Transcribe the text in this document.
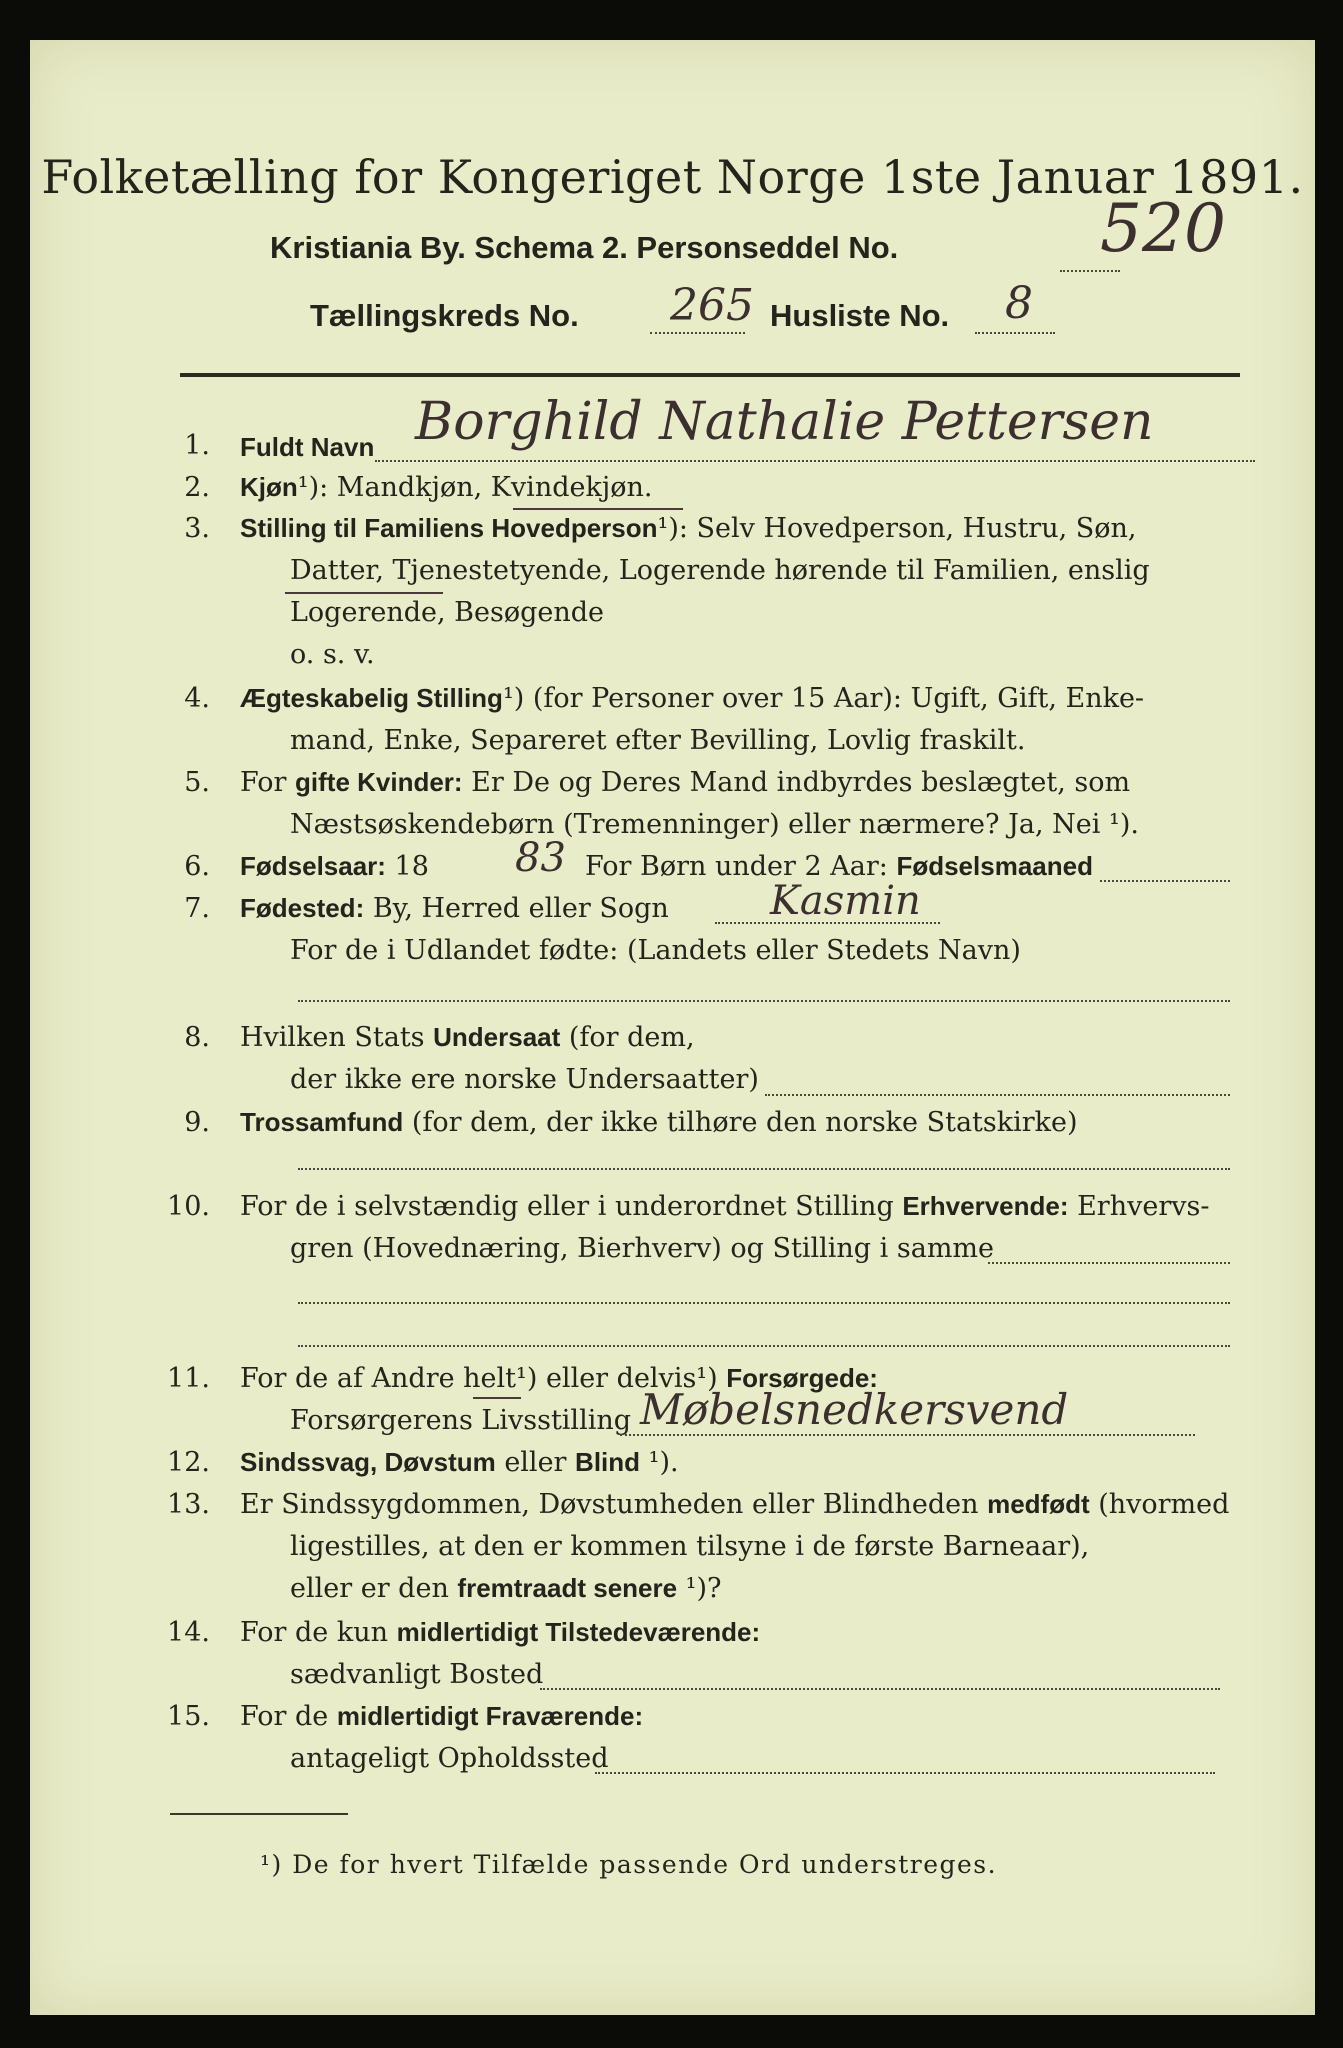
Folketælling for Kongeriget Norge 1ste Januar 1891.
Kristiania By. Schema 2. Personseddel No.	520
Tællingskreds No. 265 Husliste No. 8
1. Fuldt Navn Borghild Nathalie Pettersen
2. Kjøn¹): Mandkjøn, Kvindekjøn.
3. Stilling til Familiens Hovedperson¹): Selv Hovedperson, Hustru, Søn,
Datter, Tjenestetyende, Logerende hørende til Familien, enslig
Logerende, Besøgende
o. s. v.
4. Ægteskabelig Stilling¹) (for Personer over 15 Aar): Ugift, Gift, Enke-
mand, Enke, Separeret efter Bevilling, Lovlig fraskilt.
5. For gifte Kvinder: Er De og Deres Mand indbyrdes beslægtet, som
Næstsøskendebørn (Tremenninger) eller nærmere? Ja, Nei ¹).
6. Fødselsaar: 18 83 For Børn under 2 Aar: Fødselsmaaned
7. Fødested: By, Herred eller Sogn	Kasmin
For de i Udlandet fødte: (Landets eller Stedets Navn)
8. Hvilken Stats Undersaat (for dem,
der ikke ere norske Undersaatter)
9. Trossamfund (for dem, der ikke tilhøre den norske Statskirke)
10. For de i selvstændig eller i underordnet Stilling Erhvervende: Erhvervs-
gren (Hovednæring, Bierhverv) og Stilling i samme
11. For de af Andre helt¹) eller delvis¹) Forsørgede:
Forsørgerens Livsstilling Møbelsnedkersvend
12. Sindssvag, Døvstum eller Blind ¹).
13. Er Sindssygdommen, Døvstumheden eller Blindheden medfødt (hvormed
ligestilles, at den er kommen tilsyne i de første Barneaar),
eller er den fremtraadt senere ¹)?
14. For de kun midlertidigt Tilstedeværende:
sædvanligt Bosted
15. For de midlertidigt Fraværende:
antageligt Opholdssted
¹) De for hvert Tilfælde passende Ord understreges.
